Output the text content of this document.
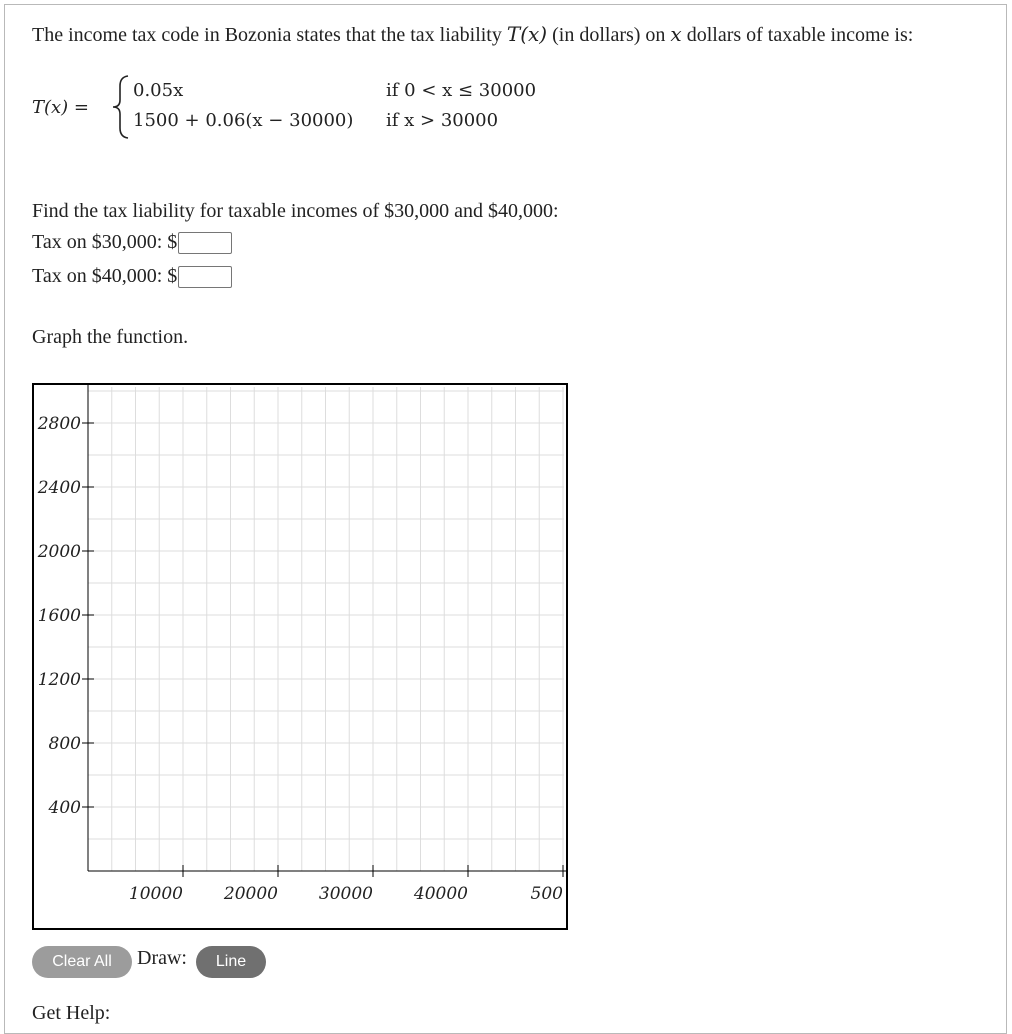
The income tax code in Bozonia states that the tax liability T(x) (in dollars) on x dollars of taxable income is:
T(x) =
0.05x	if 0 < x ≤ 30000
1500 + 0.06(x − 30000) if x > 30000
Find the tax liability for taxable incomes of $30,000 and $40,000:
Tax on $30,000: $
Tax on $40,000: $
Graph the function.
10000 20000 30000 40000	500
400
800
1200
1600
2000
2400
2800
Clear All	Draw:	Line
Get Help:
